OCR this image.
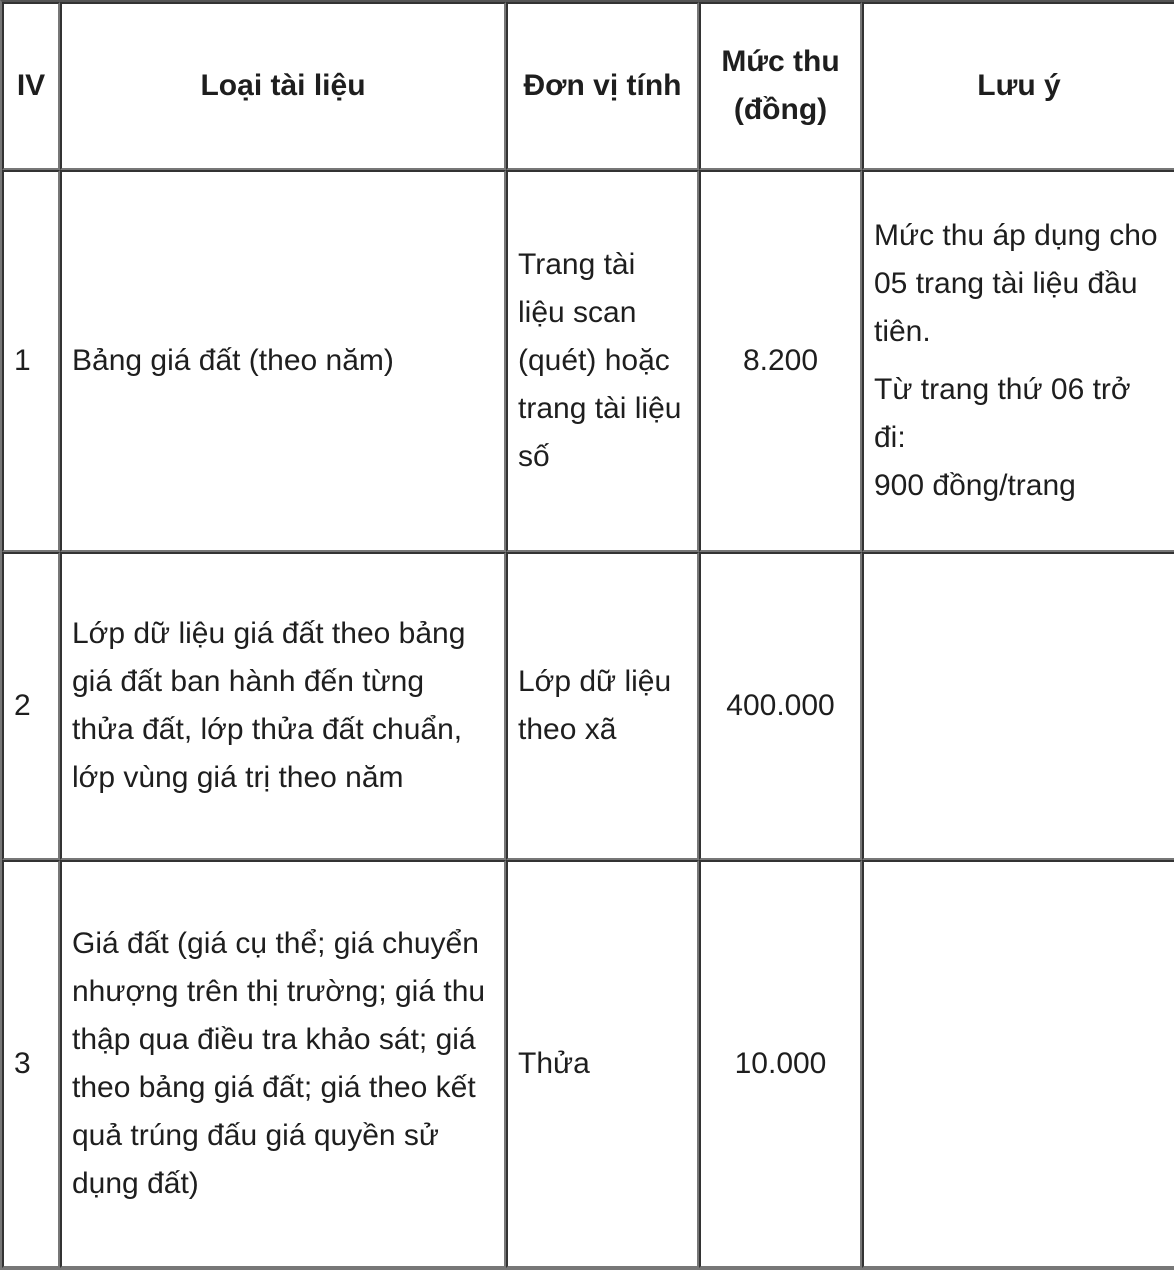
IV	Loại tài liệu	Đơn vị tính	Mức thu (đồng)	Lưu ý
1	Bảng giá đất (theo năm)	Trang tài liệu scan (quét) hoặc trang tài liệu số	8.200	Mức thu áp dụng cho 05 trang tài liệu đầu tiên.

Từ trang thứ 06 trở đi:
900 đồng/trang

2	Lớp dữ liệu giá đất theo bảng giá đất ban hành đến từng thửa đất, lớp thửa đất chuẩn, lớp vùng giá trị theo năm	Lớp dữ liệu theo xã	400.000	
3	Giá đất (giá cụ thể; giá chuyển nhượng trên thị trường; giá thu thập qua điều tra khảo sát; giá theo bảng giá đất; giá theo kết quả trúng đấu giá quyền sử dụng đất)	Thửa	10.000	
